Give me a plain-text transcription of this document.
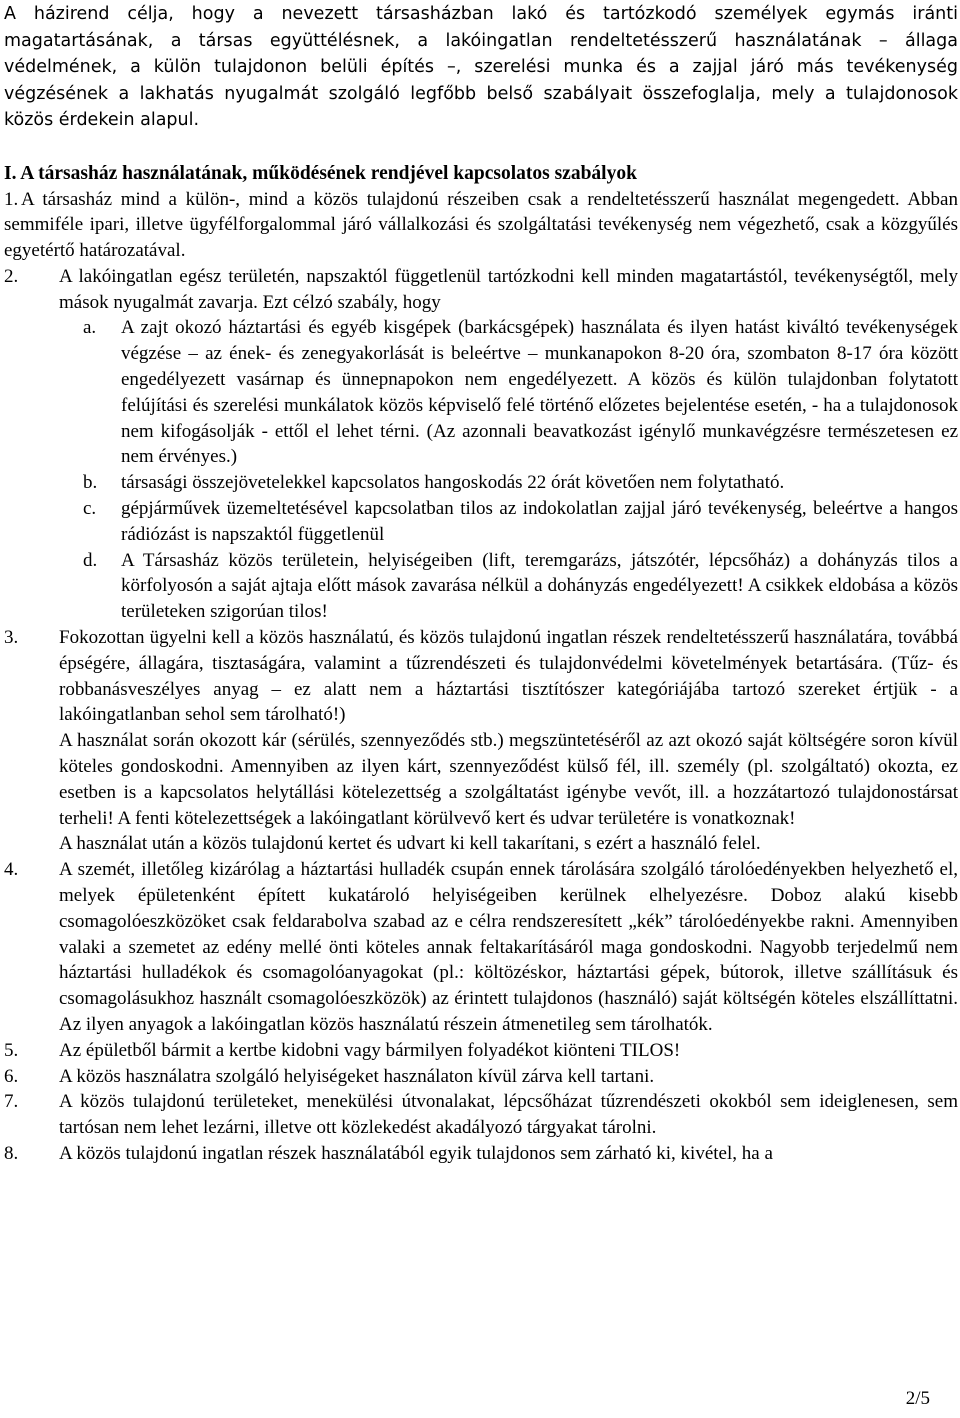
A házirend célja, hogy a nevezett társasházban lakó és tartózkodó személyek egymás iránti magatartásának, a társas együttélésnek, a lakóingatlan rendeltetésszerű használatának – állaga védelmének, a külön tulajdonon belüli építés –, szerelési munka és a zajjal járó más tevékenység végzésének a lakhatás nyugalmát szolgáló legfőbb belső szabályait összefoglalja, mely a tulajdonosok közös érdekein alapul.

I. A társasház használatának, működésének rendjével kapcsolatos szabályok
1. A társasház mind a külön-, mind a közös tulajdonú részeiben csak a rendeltetésszerű használat megengedett. Abban semmiféle ipari, illetve ügyfélforgalommal járó vállalkozási és szolgáltatási tevékenység nem végezhető, csak a közgyűlés egyetértő határozatával.
2.	A lakóingatlan egész területén, napszaktól függetlenül tartózkodni kell minden magatartástól, tevékenységtől, mely mások nyugalmát zavarja. Ezt célzó szabály, hogy
a.	A zajt okozó háztartási és egyéb kisgépek (barkácsgépek) használata és ilyen hatást kiváltó tevékenységek végzése – az ének- és zenegyakorlását is beleértve – munkanapokon 8-20 óra, szombaton 8-17 óra között engedélyezett vasárnap és ünnepnapokon nem engedélyezett. A közös és külön tulajdonban folytatott felújítási és szerelési munkálatok közös képviselő felé történő előzetes bejelentése esetén, - ha a tulajdonosok nem kifogásolják - ettől el lehet térni. (Az azonnali beavatkozást igénylő munkavégzésre természetesen ez nem érvényes.)
b.	társasági összejövetelekkel kapcsolatos hangoskodás 22 órát követően nem folytatható.
c.	gépjárművek üzemeltetésével kapcsolatban tilos az indokolatlan zajjal járó tevékenység, beleértve a hangos rádiózást is napszaktól függetlenül
d.	A Társasház közös területein, helyiségeiben (lift, teremgarázs, játszótér, lépcsőház) a dohányzás tilos a körfolyosón a saját ajtaja előtt mások zavarása nélkül a dohányzás engedélyezett! A csikkek eldobása a közös területeken szigorúan tilos!
3.	Fokozottan ügyelni kell a közös használatú, és közös tulajdonú ingatlan részek rendeltetésszerű használatára, továbbá épségére, állagára, tisztaságára, valamint a tűzrendészeti és tulajdonvédelmi követelmények betartására. (Tűz- és robbanásveszélyes anyag – ez alatt nem a háztartási tisztítószer kategóriájába tartozó szereket értjük - a lakóingatlanban sehol sem tárolható!)

A használat során okozott kár (sérülés, szennyeződés stb.) megszüntetéséről az azt okozó saját költségére soron kívül köteles gondoskodni. Amennyiben az ilyen kárt, szennyeződést külső fél, ill. személy (pl. szolgáltató) okozta, ez esetben is a kapcsolatos helytállási kötelezettség a szolgáltatást igénybe vevőt, ill. a hozzátartozó tulajdonostársat terheli! A fenti kötelezettségek a lakóingatlant körülvevő kert és udvar területére is vonatkoznak!

A használat után a közös tulajdonú kertet és udvart ki kell takarítani, s ezért a használó felel.

4.	A szemét, illetőleg kizárólag a háztartási hulladék csupán ennek tárolására szolgáló tárolóedényekben helyezhető el, melyek épületenként épített kukatároló helyiségeiben kerülnek elhelyezésre. Doboz alakú kisebb csomagolóeszközöket csak feldarabolva szabad az e célra rendszeresített „kék” tárolóedényekbe rakni. Amennyiben valaki a szemetet az edény mellé önti köteles annak feltakarításáról maga gondoskodni. Nagyobb terjedelmű nem háztartási hulladékok és csomagolóanyagokat (pl.: költözéskor, háztartási gépek, bútorok, illetve szállításuk és csomagolásukhoz használt csomagolóeszközök) az érintett tulajdonos (használó) saját költségén köteles elszállíttatni. Az ilyen anyagok a lakóingatlan közös használatú részein átmenetileg sem tárolhatók.
5.	Az épületből bármit a kertbe kidobni vagy bármilyen folyadékot kiönteni TILOS!
6.	A közös használatra szolgáló helyiségeket használaton kívül zárva kell tartani.
7.	A közös tulajdonú területeket, menekülési útvonalakat, lépcsőházat tűzrendészeti okokból sem ideiglenesen, sem tartósan nem lehet lezárni, illetve ott közlekedést akadályozó tárgyakat tárolni.
8.	A közös tulajdonú ingatlan részek használatából egyik tulajdonos sem zárható ki, kivétel, ha a
2/5
